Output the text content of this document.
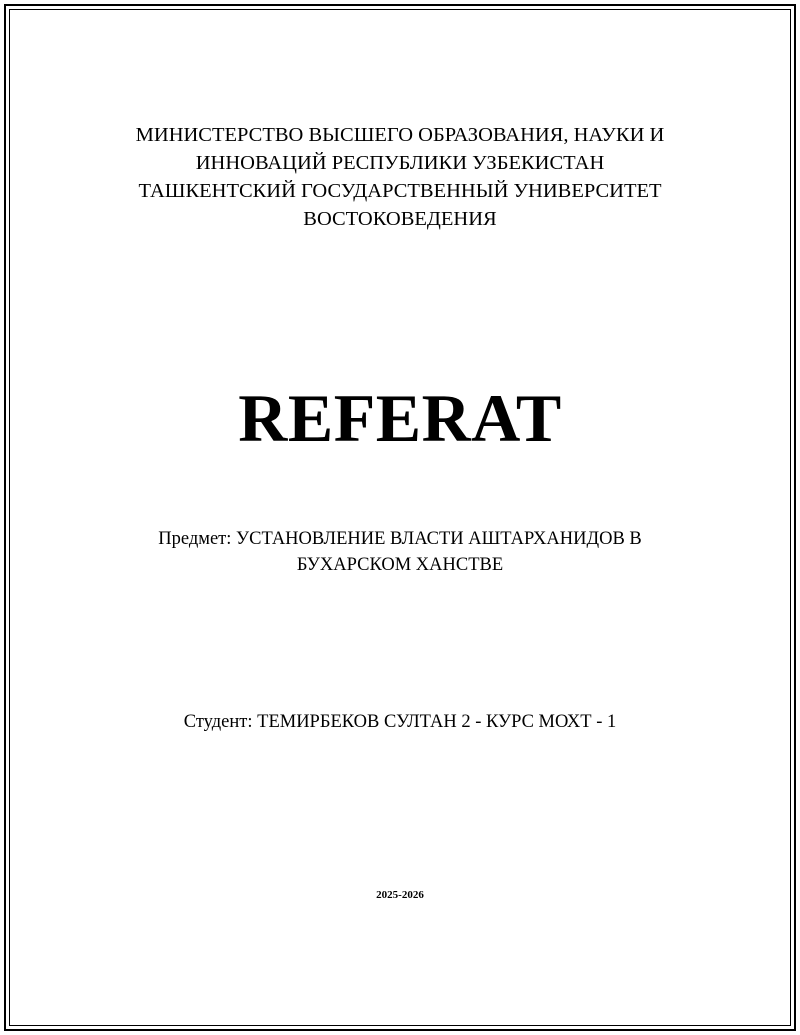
МИНИСТЕРСТВО ВЫСШЕГО ОБРАЗОВАНИЯ, НАУКИ И
ИННОВАЦИЙ РЕСПУБЛИКИ УЗБЕКИСТАН
ТАШКЕНТСКИЙ ГОСУДАРСТВЕННЫЙ УНИВЕРСИТЕТ
ВОСТОКОВЕДЕНИЯ
REFERAT
Предмет: УСТАНОВЛЕНИЕ ВЛАСТИ АШТАРХАНИДОВ В
БУХАРСКОМ ХАНСТВЕ
Студент: ТЕМИРБЕКОВ СУЛТАН 2 - КУРС МОХТ - 1
2025-2026
